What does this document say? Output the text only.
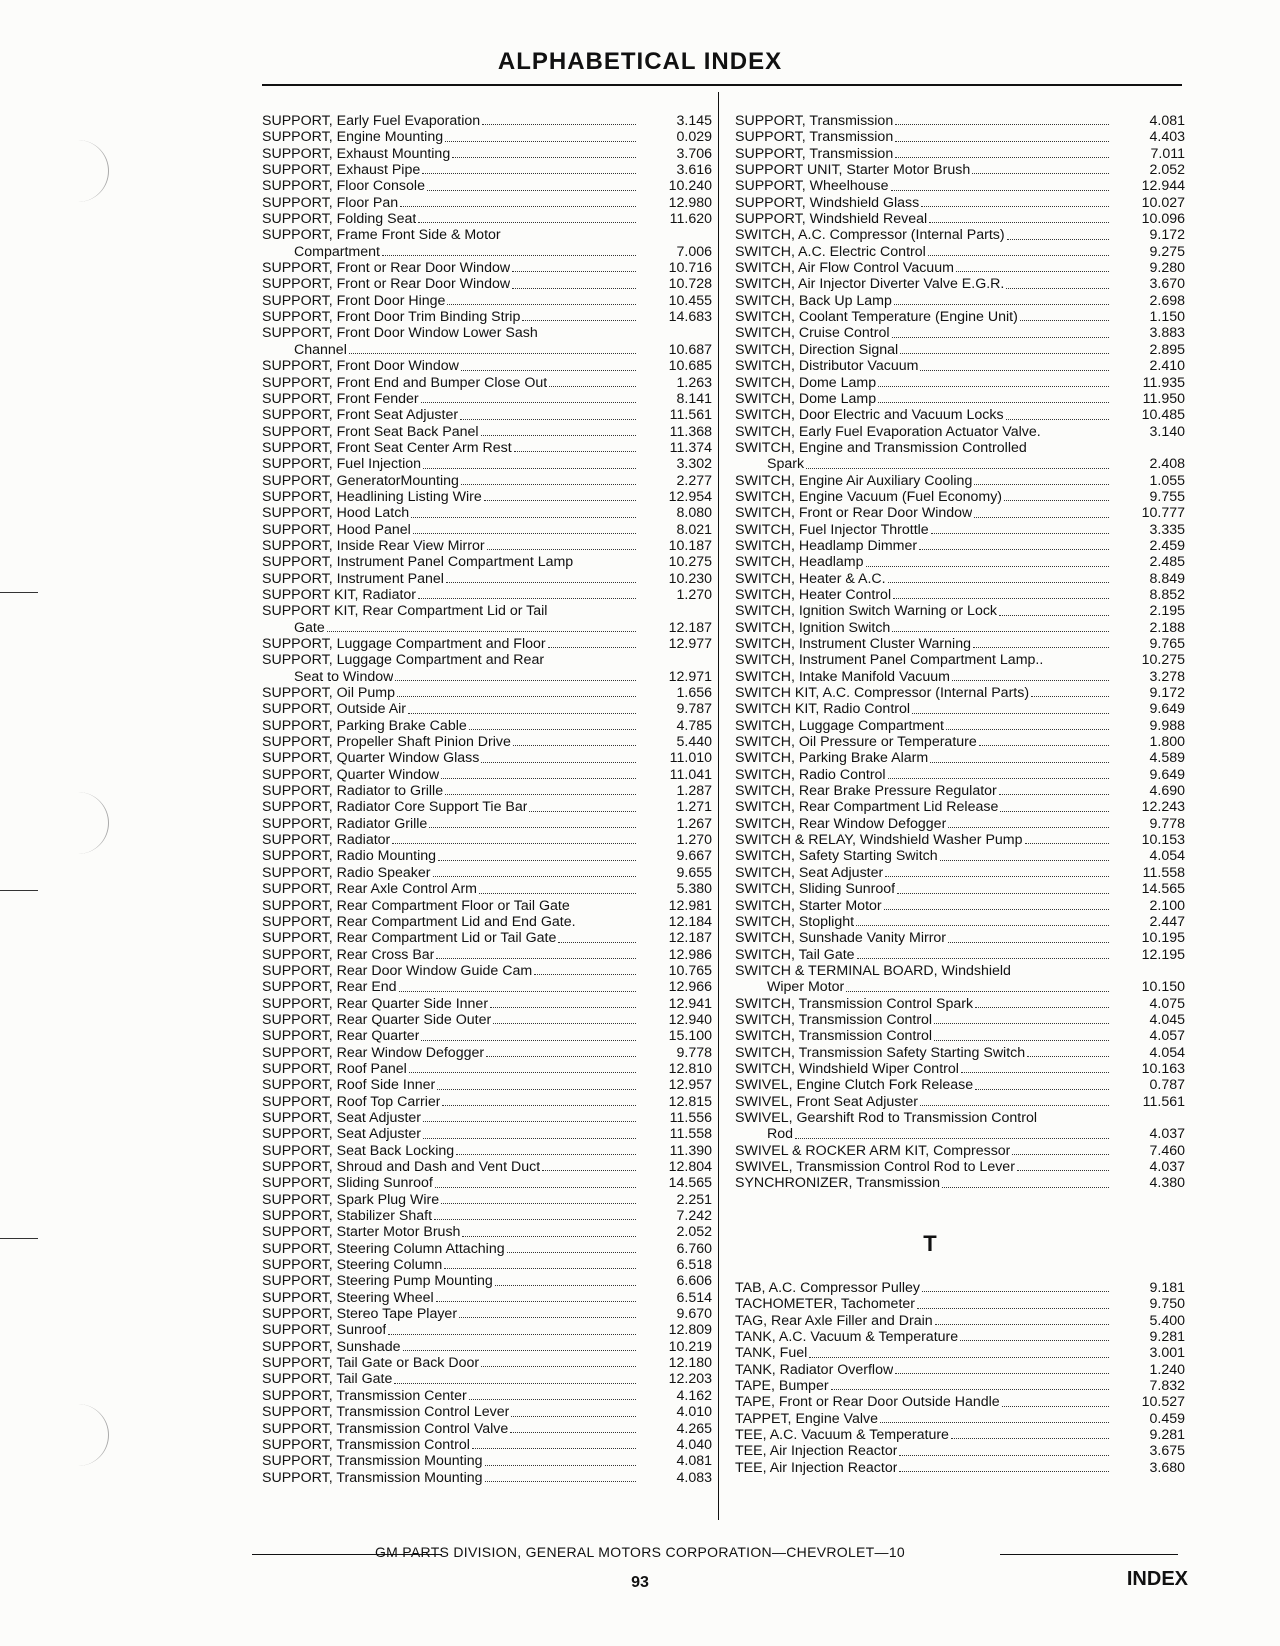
ALPHABETICAL INDEX
SUPPORT, Early Fuel Evaporation	3.145
SUPPORT, Engine Mounting	0.029
SUPPORT, Exhaust Mounting	3.706
SUPPORT, Exhaust Pipe	3.616
SUPPORT, Floor Console	10.240
SUPPORT, Floor Pan	12.980
SUPPORT, Folding Seat	11.620
SUPPORT, Frame Front Side & Motor
Compartment	7.006
SUPPORT, Front or Rear Door Window	10.716
SUPPORT, Front or Rear Door Window	10.728
SUPPORT, Front Door Hinge	10.455
SUPPORT, Front Door Trim Binding Strip	14.683
SUPPORT, Front Door Window Lower Sash
Channel	10.687
SUPPORT, Front Door Window	10.685
SUPPORT, Front End and Bumper Close Out	1.263
SUPPORT, Front Fender	8.141
SUPPORT, Front Seat Adjuster	11.561
SUPPORT, Front Seat Back Panel	11.368
SUPPORT, Front Seat Center Arm Rest	11.374
SUPPORT, Fuel Injection	3.302
SUPPORT, GeneratorMounting	2.277
SUPPORT, Headlining Listing Wire	12.954
SUPPORT, Hood Latch	8.080
SUPPORT, Hood Panel	8.021
SUPPORT, Inside Rear View Mirror	10.187
SUPPORT, Instrument Panel Compartment Lamp	10.275
SUPPORT, Instrument Panel	10.230
SUPPORT KIT, Radiator	1.270
SUPPORT KIT, Rear Compartment Lid or Tail
Gate	12.187
SUPPORT, Luggage Compartment and Floor	12.977
SUPPORT, Luggage Compartment and Rear
Seat to Window	12.971
SUPPORT, Oil Pump	1.656
SUPPORT, Outside Air	9.787
SUPPORT, Parking Brake Cable	4.785
SUPPORT, Propeller Shaft Pinion Drive	5.440
SUPPORT, Quarter Window Glass	11.010
SUPPORT, Quarter Window	11.041
SUPPORT, Radiator to Grille	1.287
SUPPORT, Radiator Core Support Tie Bar	1.271
SUPPORT, Radiator Grille	1.267
SUPPORT, Radiator	1.270
SUPPORT, Radio Mounting	9.667
SUPPORT, Radio Speaker	9.655
SUPPORT, Rear Axle Control Arm	5.380
SUPPORT, Rear Compartment Floor or Tail Gate	12.981
SUPPORT, Rear Compartment Lid and End Gate.	12.184
SUPPORT, Rear Compartment Lid or Tail Gate	12.187
SUPPORT, Rear Cross Bar	12.986
SUPPORT, Rear Door Window Guide Cam	10.765
SUPPORT, Rear End	12.966
SUPPORT, Rear Quarter Side Inner	12.941
SUPPORT, Rear Quarter Side Outer	12.940
SUPPORT, Rear Quarter	15.100
SUPPORT, Rear Window Defogger	9.778
SUPPORT, Roof Panel	12.810
SUPPORT, Roof Side Inner	12.957
SUPPORT, Roof Top Carrier	12.815
SUPPORT, Seat Adjuster	11.556
SUPPORT, Seat Adjuster	11.558
SUPPORT, Seat Back Locking	11.390
SUPPORT, Shroud and Dash and Vent Duct	12.804
SUPPORT, Sliding Sunroof	14.565
SUPPORT, Spark Plug Wire	2.251
SUPPORT, Stabilizer Shaft	7.242
SUPPORT, Starter Motor Brush	2.052
SUPPORT, Steering Column Attaching	6.760
SUPPORT, Steering Column	6.518
SUPPORT, Steering Pump Mounting	6.606
SUPPORT, Steering Wheel	6.514
SUPPORT, Stereo Tape Player	9.670
SUPPORT, Sunroof	12.809
SUPPORT, Sunshade	10.219
SUPPORT, Tail Gate or Back Door	12.180
SUPPORT, Tail Gate	12.203
SUPPORT, Transmission Center	4.162
SUPPORT, Transmission Control Lever	4.010
SUPPORT, Transmission Control Valve	4.265
SUPPORT, Transmission Control	4.040
SUPPORT, Transmission Mounting	4.081
SUPPORT, Transmission Mounting	4.083
SUPPORT, Transmission	4.081
SUPPORT, Transmission	4.403
SUPPORT, Transmission	7.011
SUPPORT UNIT, Starter Motor Brush	2.052
SUPPORT, Wheelhouse	12.944
SUPPORT, Windshield Glass	10.027
SUPPORT, Windshield Reveal	10.096
SWITCH, A.C. Compressor (Internal Parts)	9.172
SWITCH, A.C. Electric Control	9.275
SWITCH, Air Flow Control Vacuum	9.280
SWITCH, Air Injector Diverter Valve E.G.R.	3.670
SWITCH, Back Up Lamp	2.698
SWITCH, Coolant Temperature (Engine Unit)	1.150
SWITCH, Cruise Control	3.883
SWITCH, Direction Signal	2.895
SWITCH, Distributor Vacuum	2.410
SWITCH, Dome Lamp	11.935
SWITCH, Dome Lamp	11.950
SWITCH, Door Electric and Vacuum Locks	10.485
SWITCH, Early Fuel Evaporation Actuator Valve.	3.140
SWITCH, Engine and Transmission Controlled
Spark	2.408
SWITCH, Engine Air Auxiliary Cooling	1.055
SWITCH, Engine Vacuum (Fuel Economy)	9.755
SWITCH, Front or Rear Door Window	10.777
SWITCH, Fuel Injector Throttle	3.335
SWITCH, Headlamp Dimmer	2.459
SWITCH, Headlamp	2.485
SWITCH, Heater & A.C.	8.849
SWITCH, Heater Control	8.852
SWITCH, Ignition Switch Warning or Lock	2.195
SWITCH, Ignition Switch	2.188
SWITCH, Instrument Cluster Warning	9.765
SWITCH, Instrument Panel Compartment Lamp..	10.275
SWITCH, Intake Manifold Vacuum	3.278
SWITCH KIT, A.C. Compressor (Internal Parts)	9.172
SWITCH KIT, Radio Control	9.649
SWITCH, Luggage Compartment	9.988
SWITCH, Oil Pressure or Temperature	1.800
SWITCH, Parking Brake Alarm	4.589
SWITCH, Radio Control	9.649
SWITCH, Rear Brake Pressure Regulator	4.690
SWITCH, Rear Compartment Lid Release	12.243
SWITCH, Rear Window Defogger	9.778
SWITCH & RELAY, Windshield Washer Pump	10.153
SWITCH, Safety Starting Switch	4.054
SWITCH, Seat Adjuster	11.558
SWITCH, Sliding Sunroof	14.565
SWITCH, Starter Motor	2.100
SWITCH, Stoplight	2.447
SWITCH, Sunshade Vanity Mirror	10.195
SWITCH, Tail Gate	12.195
SWITCH & TERMINAL BOARD, Windshield
Wiper Motor	10.150
SWITCH, Transmission Control Spark	4.075
SWITCH, Transmission Control	4.045
SWITCH, Transmission Control	4.057
SWITCH, Transmission Safety Starting Switch	4.054
SWITCH, Windshield Wiper Control	10.163
SWIVEL, Engine Clutch Fork Release	0.787
SWIVEL, Front Seat Adjuster	11.561
SWIVEL, Gearshift Rod to Transmission Control
Rod	4.037
SWIVEL & ROCKER ARM KIT, Compressor	7.460
SWIVEL, Transmission Control Rod to Lever	4.037
SYNCHRONIZER, Transmission	4.380
T
TAB, A.C. Compressor Pulley	9.181
TACHOMETER, Tachometer	9.750
TAG, Rear Axle Filler and Drain	5.400
TANK, A.C. Vacuum & Temperature	9.281
TANK, Fuel	3.001
TANK, Radiator Overflow	1.240
TAPE, Bumper	7.832
TAPE, Front or Rear Door Outside Handle	10.527
TAPPET, Engine Valve	0.459
TEE, A.C. Vacuum & Temperature	9.281
TEE, Air Injection Reactor	3.675
TEE, Air Injection Reactor	3.680
GM PARTS DIVISION, GENERAL MOTORS CORPORATION—CHEVROLET—10
93	INDEX
